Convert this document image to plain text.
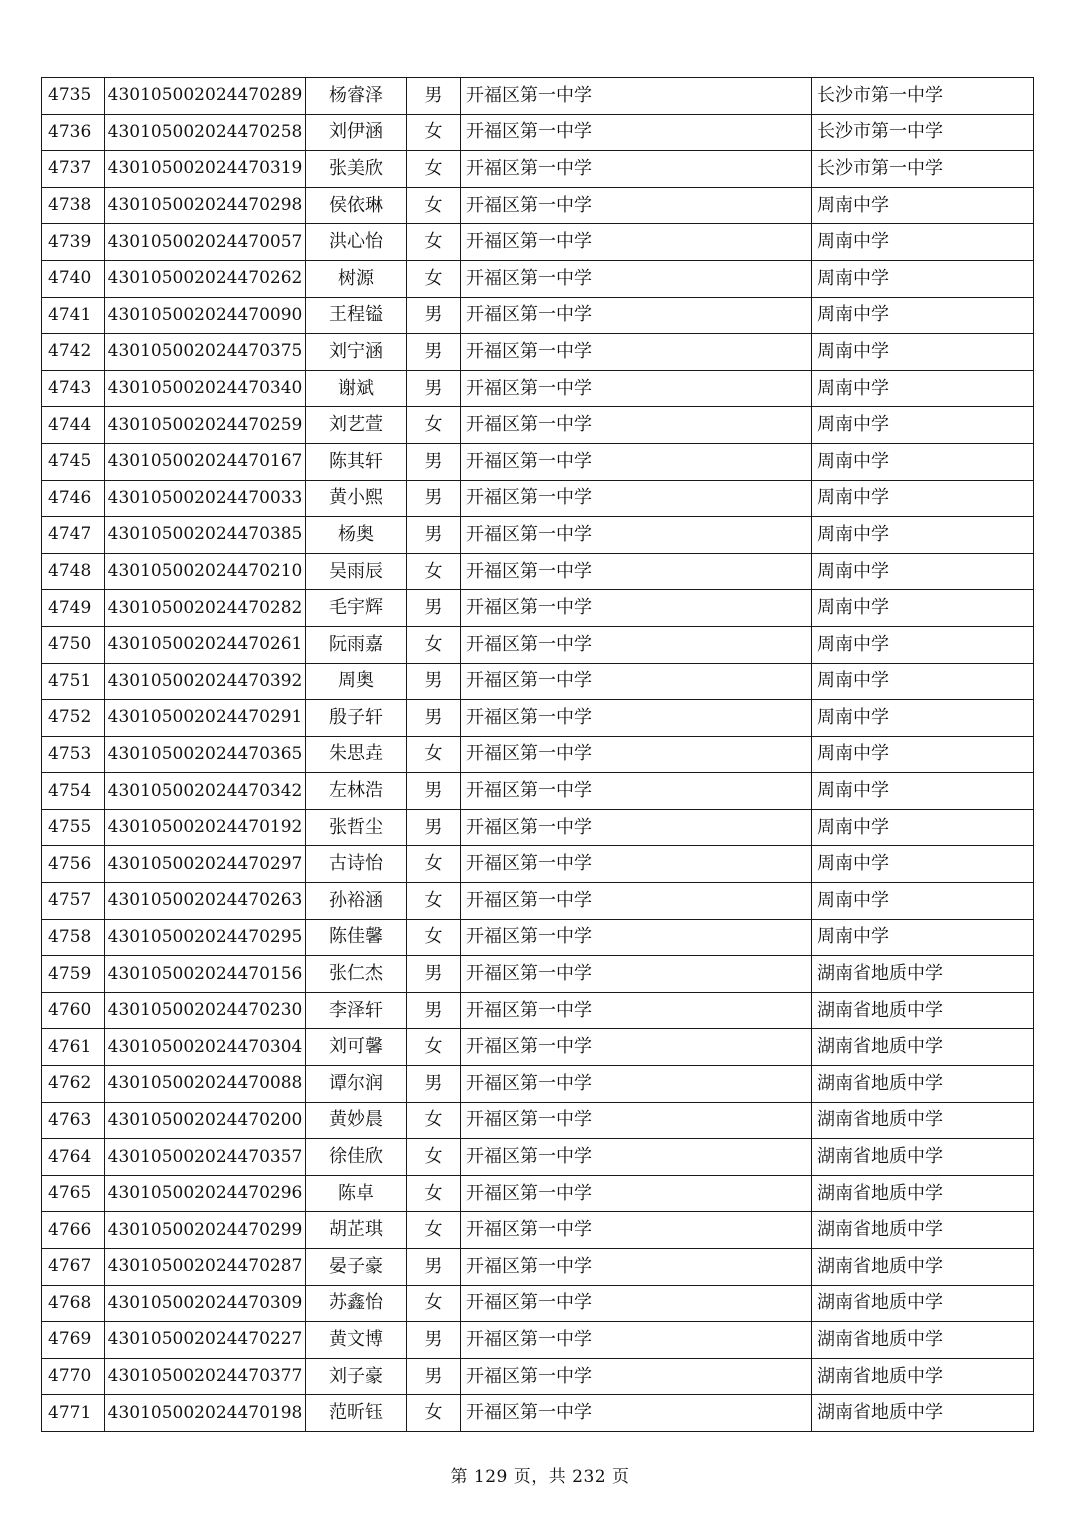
4735	430105002024470289	杨睿泽	男	开福区第一中学	长沙市第一中学
4736	430105002024470258	刘伊涵	女	开福区第一中学	长沙市第一中学
4737	430105002024470319	张美欣	女	开福区第一中学	长沙市第一中学
4738	430105002024470298	侯依琳	女	开福区第一中学	周南中学
4739	430105002024470057	洪心怡	女	开福区第一中学	周南中学
4740	430105002024470262	树源	女	开福区第一中学	周南中学
4741	430105002024470090	王程镒	男	开福区第一中学	周南中学
4742	430105002024470375	刘宁涵	男	开福区第一中学	周南中学
4743	430105002024470340	谢斌	男	开福区第一中学	周南中学
4744	430105002024470259	刘艺萱	女	开福区第一中学	周南中学
4745	430105002024470167	陈其轩	男	开福区第一中学	周南中学
4746	430105002024470033	黄小熙	男	开福区第一中学	周南中学
4747	430105002024470385	杨奥	男	开福区第一中学	周南中学
4748	430105002024470210	吴雨辰	女	开福区第一中学	周南中学
4749	430105002024470282	毛宇辉	男	开福区第一中学	周南中学
4750	430105002024470261	阮雨嘉	女	开福区第一中学	周南中学
4751	430105002024470392	周奥	男	开福区第一中学	周南中学
4752	430105002024470291	殷子轩	男	开福区第一中学	周南中学
4753	430105002024470365	朱思垚	女	开福区第一中学	周南中学
4754	430105002024470342	左林浩	男	开福区第一中学	周南中学
4755	430105002024470192	张哲尘	男	开福区第一中学	周南中学
4756	430105002024470297	古诗怡	女	开福区第一中学	周南中学
4757	430105002024470263	孙裕涵	女	开福区第一中学	周南中学
4758	430105002024470295	陈佳馨	女	开福区第一中学	周南中学
4759	430105002024470156	张仁杰	男	开福区第一中学	湖南省地质中学
4760	430105002024470230	李泽轩	男	开福区第一中学	湖南省地质中学
4761	430105002024470304	刘可馨	女	开福区第一中学	湖南省地质中学
4762	430105002024470088	谭尔润	男	开福区第一中学	湖南省地质中学
4763	430105002024470200	黄妙晨	女	开福区第一中学	湖南省地质中学
4764	430105002024470357	徐佳欣	女	开福区第一中学	湖南省地质中学
4765	430105002024470296	陈卓	女	开福区第一中学	湖南省地质中学
4766	430105002024470299	胡芷琪	女	开福区第一中学	湖南省地质中学
4767	430105002024470287	晏子豪	男	开福区第一中学	湖南省地质中学
4768	430105002024470309	苏鑫怡	女	开福区第一中学	湖南省地质中学
4769	430105002024470227	黄文博	男	开福区第一中学	湖南省地质中学
4770	430105002024470377	刘子豪	男	开福区第一中学	湖南省地质中学
4771	430105002024470198	范昕钰	女	开福区第一中学	湖南省地质中学
第 129 页，共 232 页
